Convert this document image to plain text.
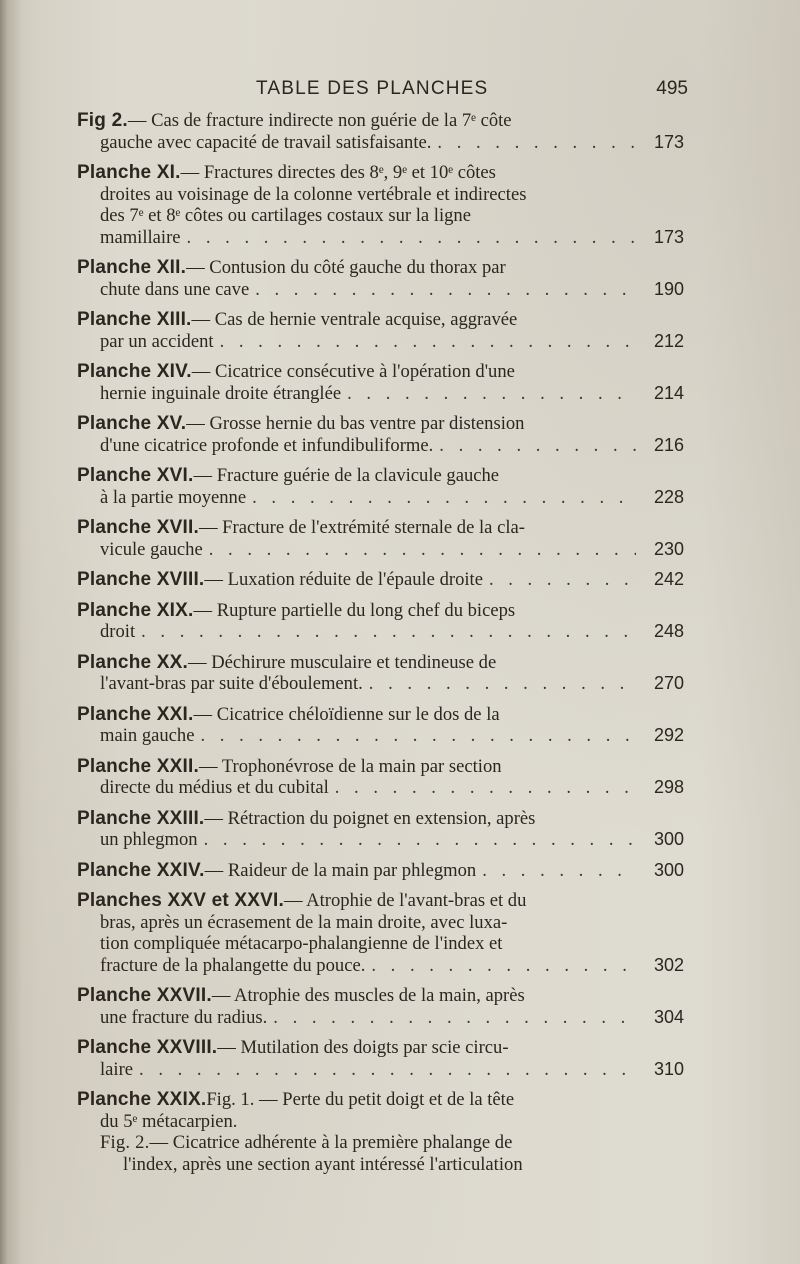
TABLE DES PLANCHES	495
Fig 2. — Cas de fracture indirecte non guérie de la 7ᵉ côte
gauche avec capacité de travail satisfaisante. . . .	173
Planche XI. — Fractures directes des 8ᵉ, 9ᵉ et 10ᵉ côtes
droites au voisinage de la colonne vertébrale et indirectes
des 7ᵉ et 8ᵉ côtes ou cartilages costaux sur la ligne
mamillaire . . .	173
Planche XII. — Contusion du côté gauche du thorax par
chute dans une cave . . .	190
Planche XIII. — Cas de hernie ventrale acquise, aggravée
par un accident . . .	212
Planche XIV. — Cicatrice consécutive à l'opération d'une
hernie inguinale droite étranglée . . .	214
Planche XV. — Grosse hernie du bas ventre par distension
d'une cicatrice profonde et infundibuliforme. . . .	216
Planche XVI. — Fracture guérie de la clavicule gauche
à la partie moyenne . . .	228
Planche XVII. — Fracture de l'extrémité sternale de la cla-
vicule gauche . . .	230
Planche XVIII. — Luxation réduite de l'épaule droite . . .	242
Planche XIX. — Rupture partielle du long chef du biceps
droit . . .	248
Planche XX. — Déchirure musculaire et tendineuse de
l'avant-bras par suite d'éboulement. . . .	270
Planche XXI. — Cicatrice chéloïdienne sur le dos de la
main gauche . . .	292
Planche XXII. — Trophonévrose de la main par section
directe du médius et du cubital . . .	298
Planche XXIII. — Rétraction du poignet en extension, après
un phlegmon . . .	300
Planche XXIV. — Raideur de la main par phlegmon . . .	300
Planches XXV et XXVI. — Atrophie de l'avant-bras et du
bras, après un écrasement de la main droite, avec luxa-
tion compliquée métacarpo-phalangienne de l'index et
fracture de la phalangette du pouce. . . .	302
Planche XXVII. — Atrophie des muscles de la main, après
une fracture du radius. . . .	304
Planche XXVIII. — Mutilation des doigts par scie circu-
laire . . .	310
Planche XXIX. Fig. 1. — Perte du petit doigt et de la tête
du 5ᵉ métacarpien.
Fig. 2. — Cicatrice adhérente à la première phalange de
l'index, après une section ayant intéressé l'articulation
